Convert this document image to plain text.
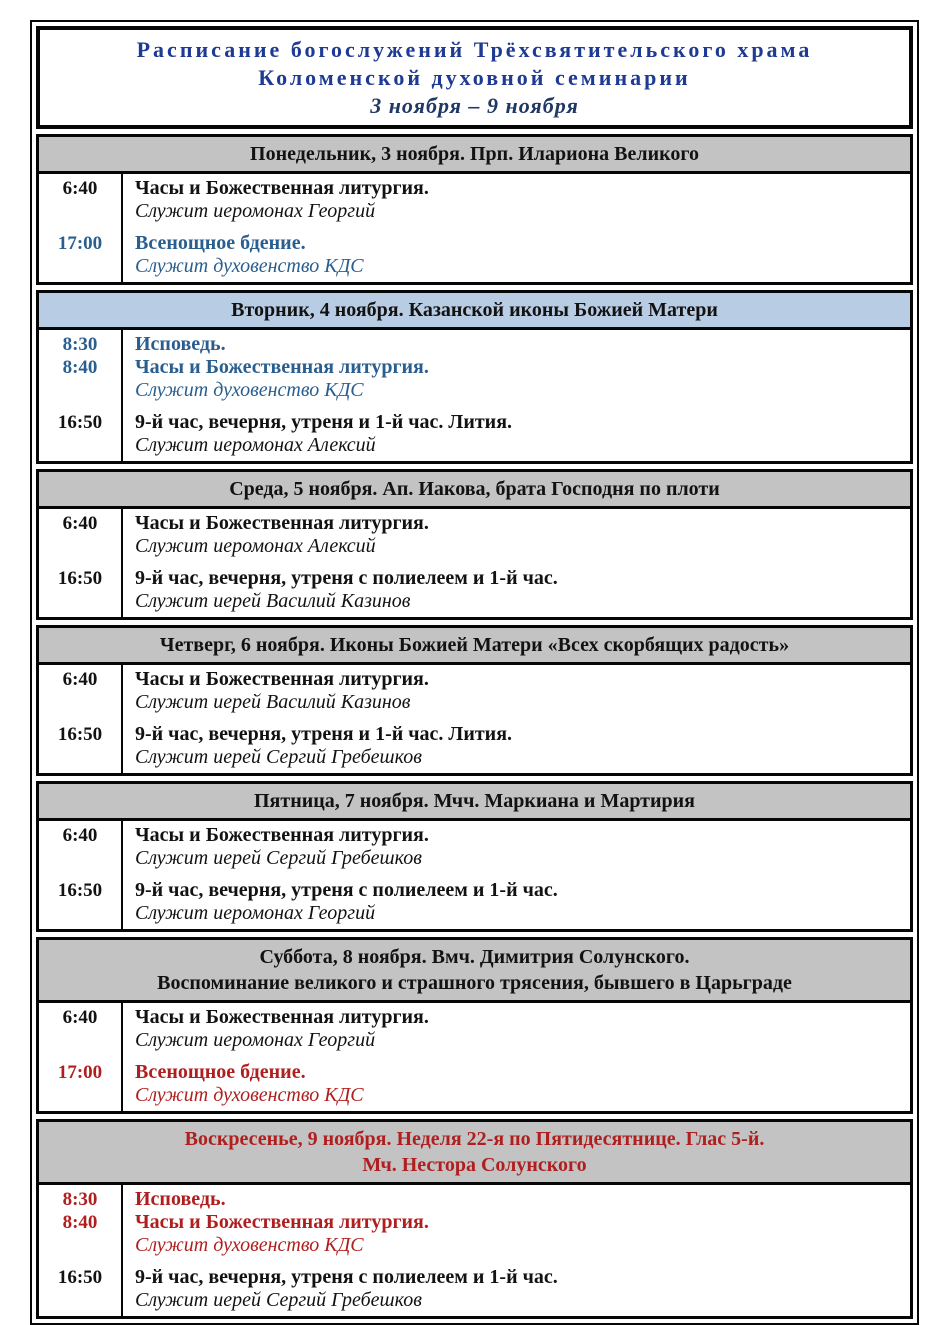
Расписание богослужений Трёхсвятительского храма
Коломенской духовной семинарии
3 ноября – 9 ноября
Понедельник, 3 ноября. Прп. Илариона Великого
6:40	Часы и Божественная литургия.
Служит иеромонах Георгий
17:00	Всенощное бдение.
Служит духовенство КДС
Вторник, 4 ноября. Казанской иконы Божией Матери
8:30	Исповедь.
8:40	Часы и Божественная литургия.
Служит духовенство КДС
16:50	9-й час, вечерня, утреня и 1-й час. Лития.
Служит иеромонах Алексий
Среда, 5 ноября. Ап. Иакова, брата Господня по плоти
6:40	Часы и Божественная литургия.
Служит иеромонах Алексий
16:50	9-й час, вечерня, утреня с полиелеем и 1-й час.
Служит иерей Василий Казинов
Четверг, 6 ноября. Иконы Божией Матери «Всех скорбящих радость»
6:40	Часы и Божественная литургия.
Служит иерей Василий Казинов
16:50	9-й час, вечерня, утреня и 1-й час. Лития.
Служит иерей Сергий Гребешков
Пятница, 7 ноября. Мчч. Маркиана и Мартирия
6:40	Часы и Божественная литургия.
Служит иерей Сергий Гребешков
16:50	9-й час, вечерня, утреня с полиелеем и 1-й час.
Служит иеромонах Георгий
Суббота, 8 ноября. Вмч. Димитрия Солунского.
Воспоминание великого и страшного трясения, бывшего в Царьграде
6:40	Часы и Божественная литургия.
Служит иеромонах Георгий
17:00	Всенощное бдение.
Служит духовенство КДС
Воскресенье, 9 ноября. Неделя 22-я по Пятидесятнице. Глас 5-й.
Мч. Нестора Солунского
8:30	Исповедь.
8:40	Часы и Божественная литургия.
Служит духовенство КДС
16:50	9-й час, вечерня, утреня с полиелеем и 1-й час.
Служит иерей Сергий Гребешков
